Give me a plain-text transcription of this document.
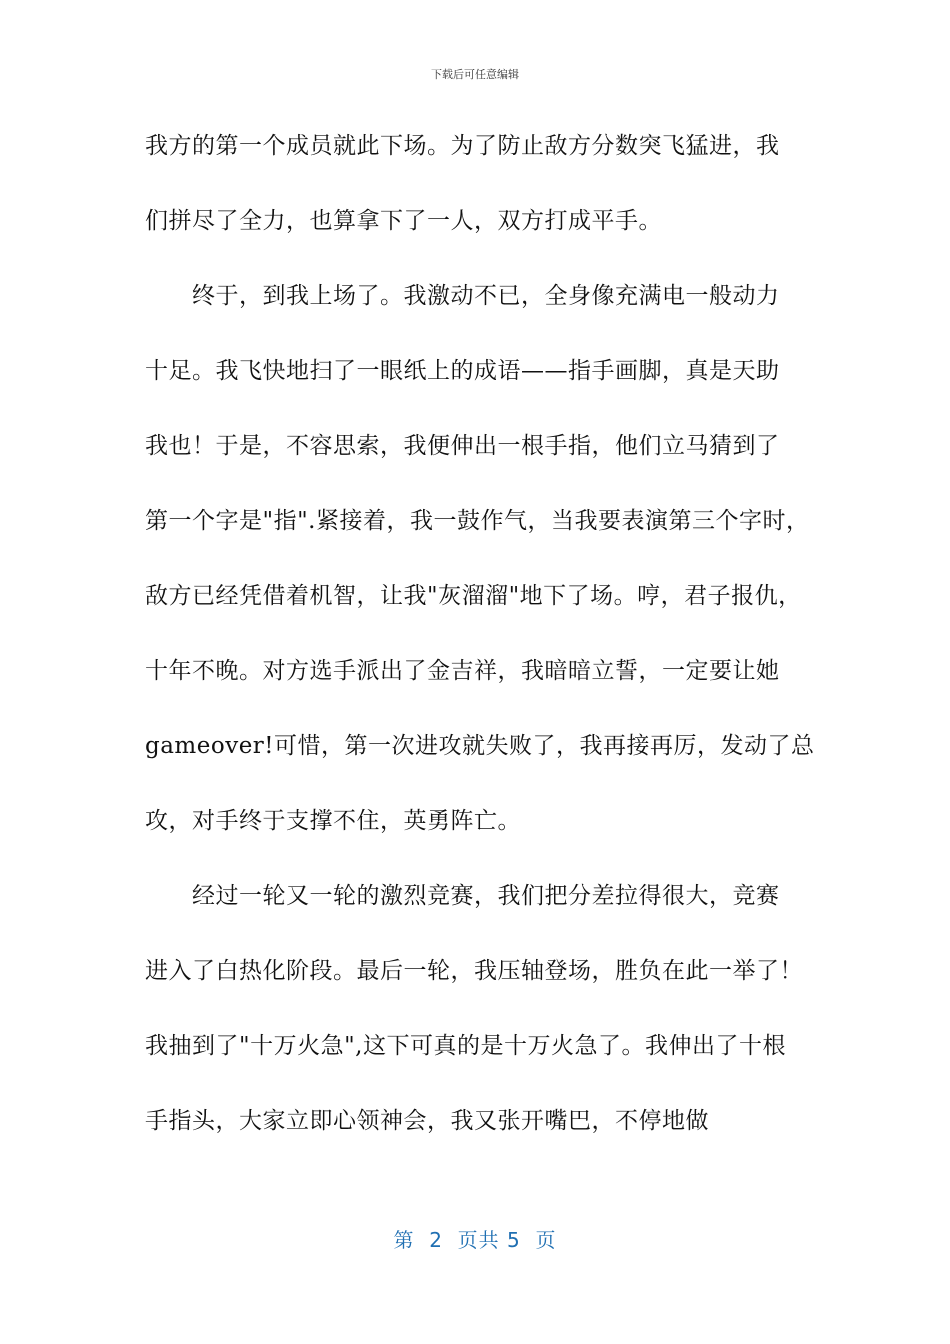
下载后可任意编辑
我方的第一个成员就此下场。为了防止敌方分数突飞猛进，我
们拼尽了全力，也算拿下了一人，双方打成平手。
终于，到我上场了。我激动不已，全身像充满电一般动力
十足。我飞快地扫了一眼纸上的成语——指手画脚，真是天助
我也！于是，不容思索，我便伸出一根手指，他们立马猜到了
第一个字是"指".紧接着，我一鼓作气，当我要表演第三个字时，
敌方已经凭借着机智，让我"灰溜溜"地下了场。哼，君子报仇，
十年不晚。对方选手派出了金吉祥，我暗暗立誓，一定要让她
gameover!可惜，第一次进攻就失败了，我再接再厉，发动了总
攻，对手终于支撑不住，英勇阵亡。
经过一轮又一轮的激烈竞赛，我们把分差拉得很大，竞赛
进入了白热化阶段。最后一轮，我压轴登场，胜负在此一举了！
我抽到了"十万火急",这下可真的是十万火急了。我伸出了十根
手指头，大家立即心领神会，我又张开嘴巴，不停地做
第  2  页共 5  页
